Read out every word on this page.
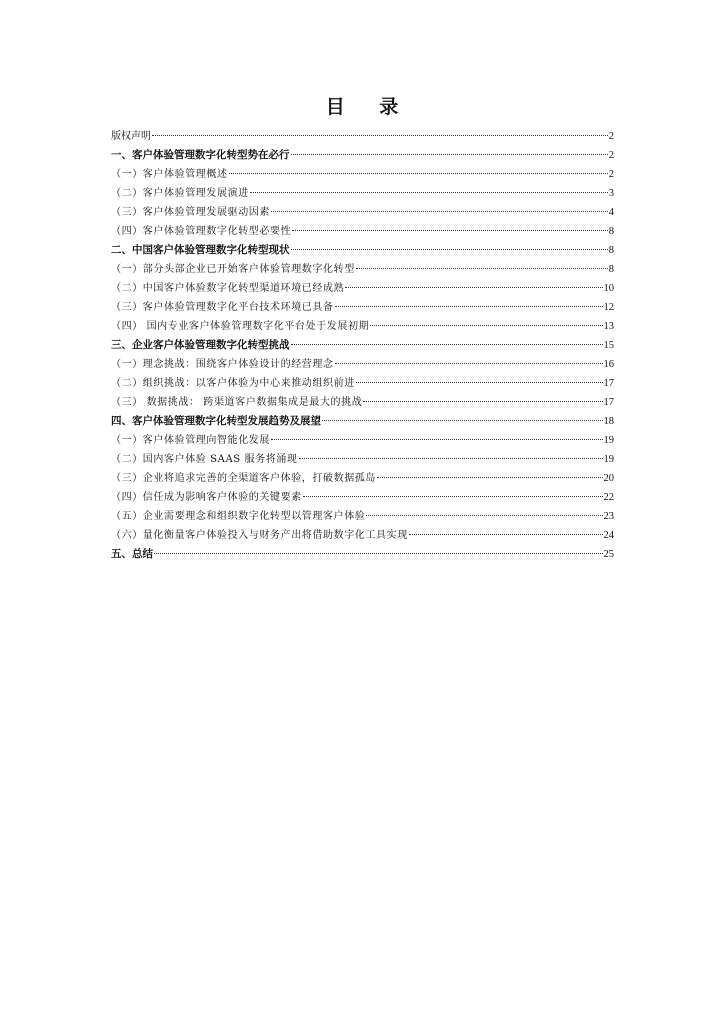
目 录
版权声明	2
一、客户体验管理数字化转型势在必行	2
（一）客户体验管理概述	2
（二）客户体验管理发展演进	3
（三）客户体验管理发展驱动因素	4
（四）客户体验管理数字化转型必要性	8
二、中国客户体验管理数字化转型现状	8
（一）部分头部企业已开始客户体验管理数字化转型	8
（二）中国客户体验数字化转型渠道环境已经成熟	10
（三）客户体验管理数字化平台技术环境已具备	12
（四） 国内专业客户体验管理数字化平台处于发展初期	13
三、企业客户体验管理数字化转型挑战	15
（一）理念挑战：围绕客户体验设计的经营理念	16
（二）组织挑战：以客户体验为中心来推动组织前进	17
（三） 数据挑战： 跨渠道客户数据集成是最大的挑战	17
四、客户体验管理数字化转型发展趋势及展望	18
（一）客户体验管理向智能化发展	19
（二）国内客户体验 SAAS 服务将涌现	19
（三）企业将追求完善的全渠道客户体验，打破数据孤岛	20
（四）信任成为影响客户体验的关键要素	22
（五）企业需要理念和组织数字化转型以管理客户体验	23
（六）量化衡量客户体验投入与财务产出将借助数字化工具实现	24
五、总结	25
